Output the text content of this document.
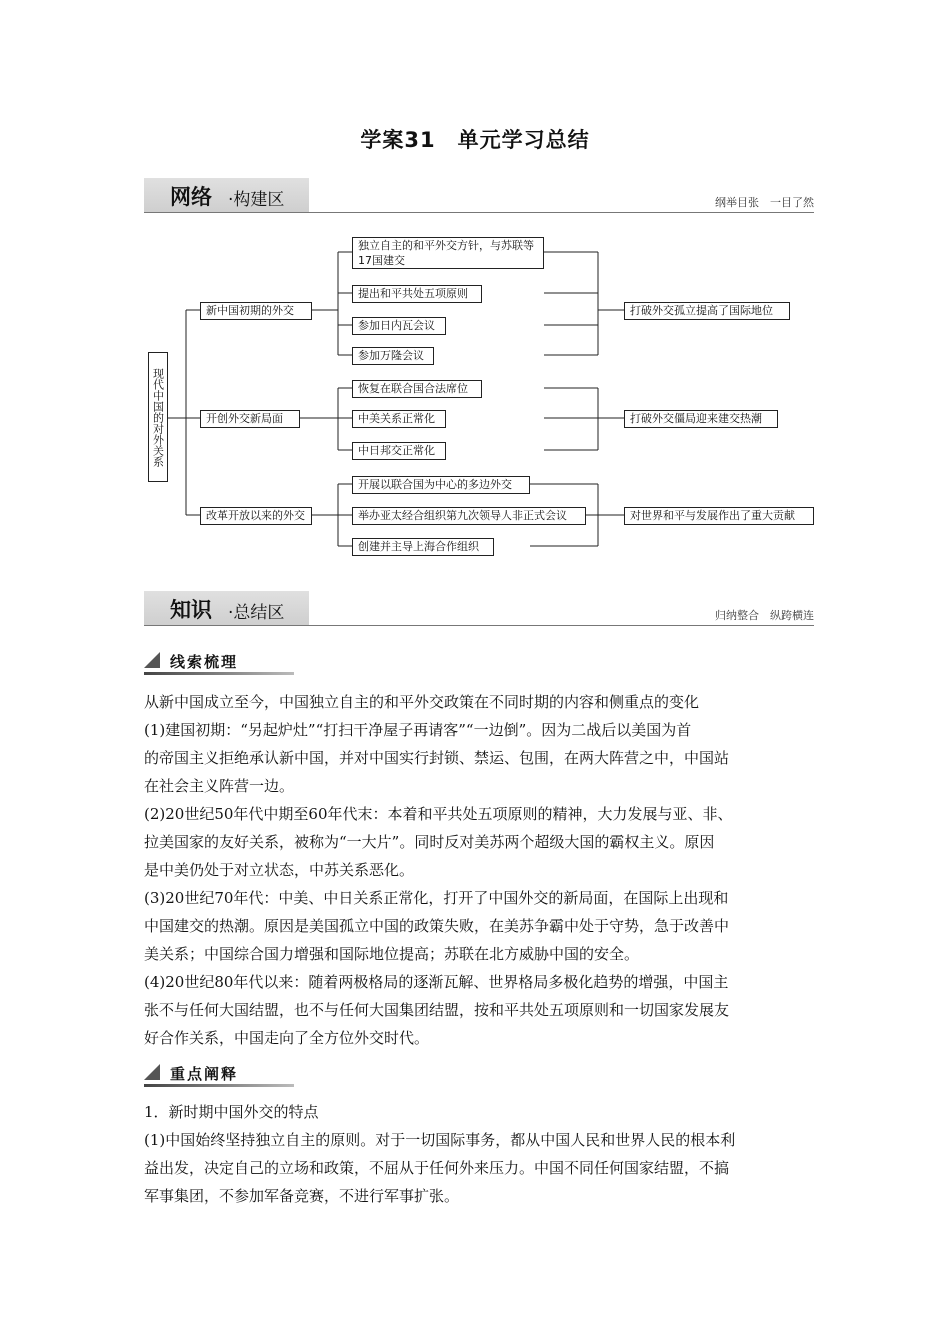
学案31　单元学习总结
网络 ·构建区	纲举目张　一目了然
现代中国的对外关系
新中国初期的外交
开创外交新局面
改革开放以来的外交
独立自主的和平外交方针，与苏联等17国建交
提出和平共处五项原则
参加日内瓦会议
参加万隆会议
恢复在联合国合法席位
中美关系正常化
中日邦交正常化
开展以联合国为中心的多边外交
举办亚太经合组织第九次领导人非正式会议
创建并主导上海合作组织
打破外交孤立提高了国际地位
打破外交僵局迎来建交热潮
对世界和平与发展作出了重大贡献
知识 ·总结区	归纳整合　纵跨横连
线索梳理

从新中国成立至今，中国独立自主的和平外交政策在不同时期的内容和侧重点的变化

(1)建国初期：“另起炉灶”“打扫干净屋子再请客”“一边倒”。因为二战后以美国为首

的帝国主义拒绝承认新中国，并对中国实行封锁、禁运、包围，在两大阵营之中，中国站

在社会主义阵营一边。

(2)20世纪50年代中期至60年代末：本着和平共处五项原则的精神，大力发展与亚、非、

拉美国家的友好关系，被称为“一大片”。同时反对美苏两个超级大国的霸权主义。原因

是中美仍处于对立状态，中苏关系恶化。

(3)20世纪70年代：中美、中日关系正常化，打开了中国外交的新局面，在国际上出现和

中国建交的热潮。原因是美国孤立中国的政策失败，在美苏争霸中处于守势，急于改善中

美关系；中国综合国力增强和国际地位提高；苏联在北方威胁中国的安全。

(4)20世纪80年代以来：随着两极格局的逐渐瓦解、世界格局多极化趋势的增强，中国主

张不与任何大国结盟，也不与任何大国集团结盟，按和平共处五项原则和一切国家发展友

好合作关系，中国走向了全方位外交时代。

重点阐释

1．新时期中国外交的特点

(1)中国始终坚持独立自主的原则。对于一切国际事务，都从中国人民和世界人民的根本利

益出发，决定自己的立场和政策，不屈从于任何外来压力。中国不同任何国家结盟，不搞

军事集团，不参加军备竞赛，不进行军事扩张。
